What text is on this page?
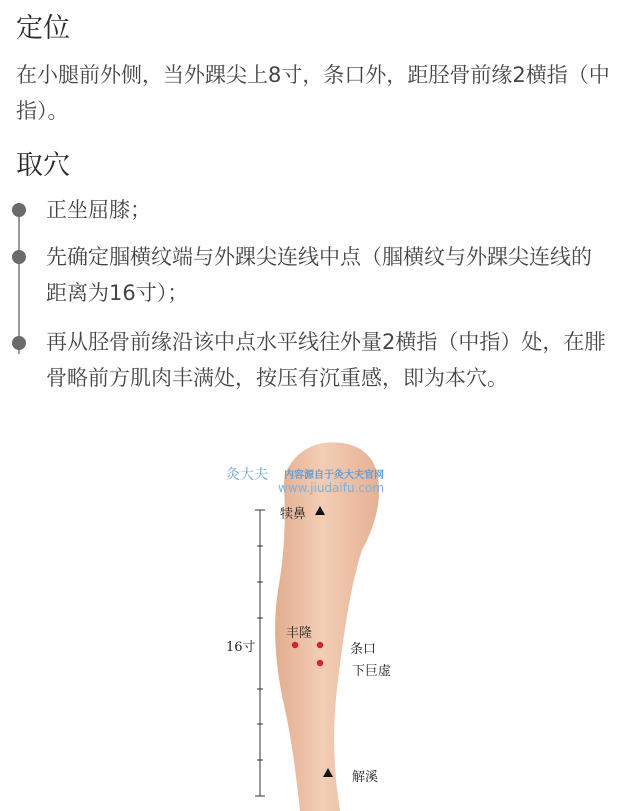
定位

在小腿前外侧，当外踝尖上8寸，条口外，距胫骨前缘2横指（中指）。

取穴

正坐屈膝；

先确定腘横纹端与外踝尖连线中点（腘横纹与外踝尖连线的距离为16寸）；

再从胫骨前缘沿该中点水平线往外量2横指（中指）处，在腓骨略前方肌肉丰满处，按压有沉重感，即为本穴。

灸大夫 内容源自于灸大夫官网
www.jiudaifu.com
犊鼻
丰隆
条口
下巨虚
解溪
16寸
